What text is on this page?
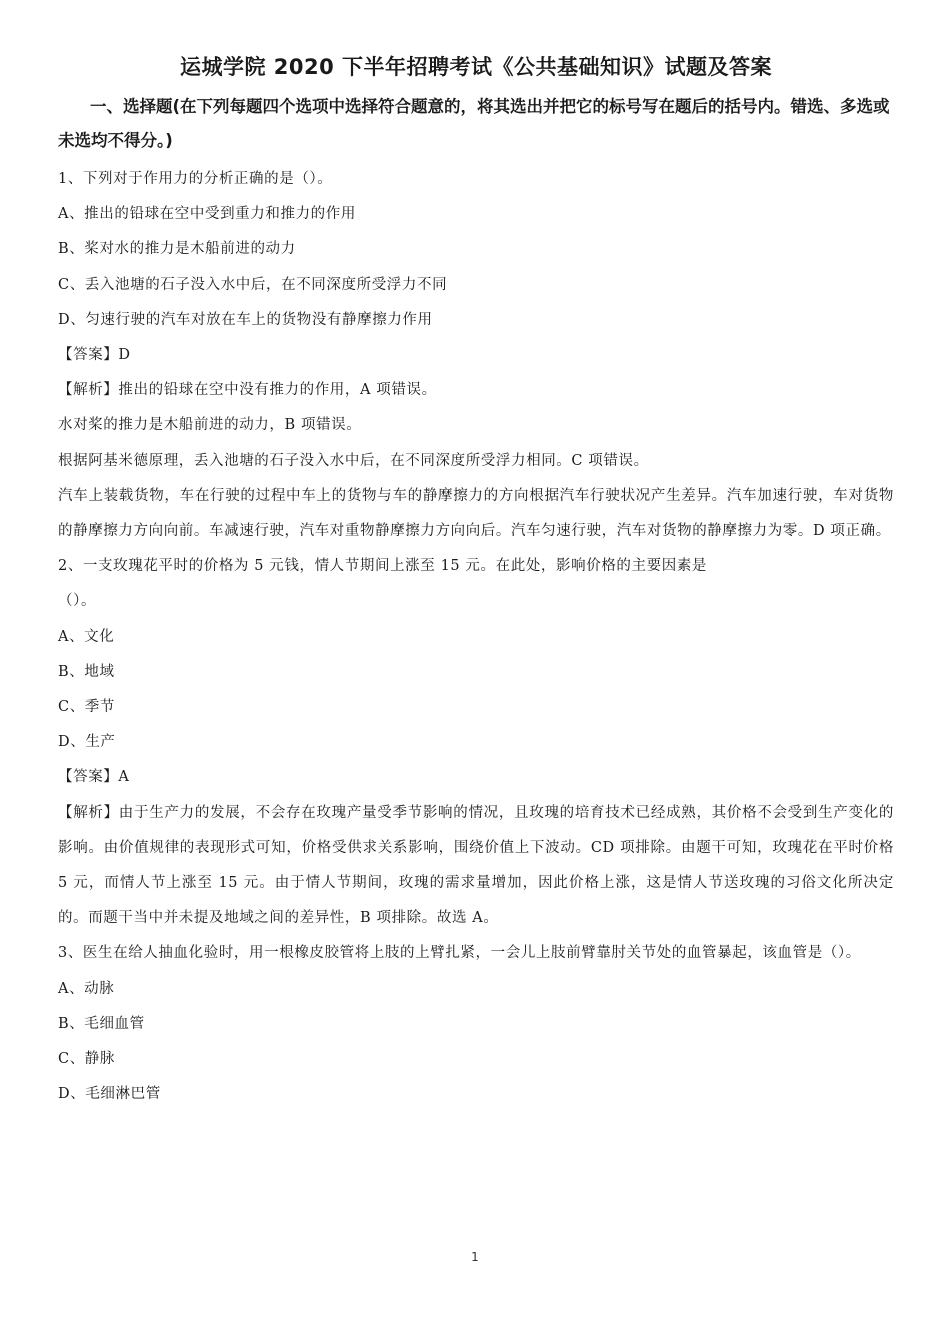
运城学院 2020 下半年招聘考试《公共基础知识》试题及答案

一、选择题(在下列每题四个选项中选择符合题意的，将其选出并把它的标号写在题后的括号内。错选、多选或未选均不得分。)

1、下列对于作用力的分析正确的是（）。

A、推出的铅球在空中受到重力和推力的作用

B、桨对水的推力是木船前进的动力

C、丢入池塘的石子没入水中后，在不同深度所受浮力不同

D、匀速行驶的汽车对放在车上的货物没有静摩擦力作用

【答案】D

【解析】推出的铅球在空中没有推力的作用，A 项错误。

水对桨的推力是木船前进的动力，B 项错误。

根据阿基米德原理，丢入池塘的石子没入水中后，在不同深度所受浮力相同。C 项错误。

汽车上装载货物，车在行驶的过程中车上的货物与车的静摩擦力的方向根据汽车行驶状况产生差异。汽车加速行驶，车对货物的静摩擦力方向向前。车减速行驶，汽车对重物静摩擦力方向向后。汽车匀速行驶，汽车对货物的静摩擦力为零。D 项正确。

2、一支玫瑰花平时的价格为 5 元钱，情人节期间上涨至 15 元。在此处，影响价格的主要因素是

（）。

A、文化

B、地域

C、季节

D、生产

【答案】A

【解析】由于生产力的发展，不会存在玫瑰产量受季节影响的情况，且玫瑰的培育技术已经成熟，其价格不会受到生产变化的影响。由价值规律的表现形式可知，价格受供求关系影响，围绕价值上下波动。CD 项排除。由题干可知，玫瑰花在平时价格 5 元，而情人节上涨至 15 元。由于情人节期间，玫瑰的需求量增加，因此价格上涨，这是情人节送玫瑰的习俗文化所决定的。而题干当中并未提及地域之间的差异性，B 项排除。故选 A。

3、医生在给人抽血化验时，用一根橡皮胶管将上肢的上臂扎紧，一会儿上肢前臂靠肘关节处的血管暴起，该血管是（）。

A、动脉

B、毛细血管

C、静脉

D、毛细淋巴管

1
